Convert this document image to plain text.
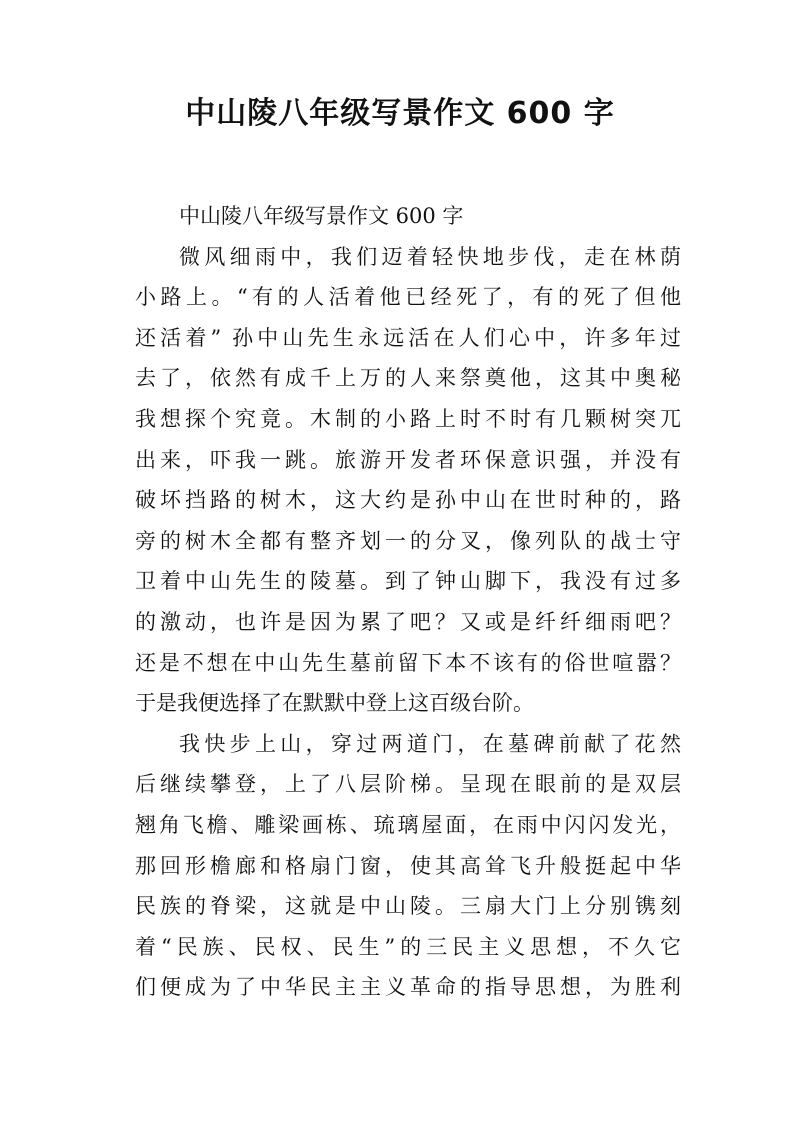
中山陵八年级写景作文 600 字
中山陵八年级写景作文 600 字
微风细雨中，我们迈着轻快地步伐，走在林荫
小路上。“有的人活着他已经死了，有的死了但他
还活着” 孙中山先生永远活在人们心中，许多年过
去了，依然有成千上万的人来祭奠他，这其中奥秘
我想探个究竟。木制的小路上时不时有几颗树突兀
出来，吓我一跳。旅游开发者环保意识强，并没有
破坏挡路的树木，这大约是孙中山在世时种的，路
旁的树木全都有整齐划一的分叉，像列队的战士守
卫着中山先生的陵墓。到了钟山脚下，我没有过多
的激动，也许是因为累了吧？又或是纤纤细雨吧？
还是不想在中山先生墓前留下本不该有的俗世喧嚣？
于是我便选择了在默默中登上这百级台阶。
我快步上山，穿过两道门，在墓碑前献了花然
后继续攀登，上了八层阶梯。呈现在眼前的是双层
翘角飞檐、雕梁画栋、琉璃屋面，在雨中闪闪发光，
那回形檐廊和格扇门窗，使其高耸飞升般挺起中华
民族的脊梁，这就是中山陵。三扇大门上分别镌刻
着“民族、民权、民生”的三民主义思想，不久它
们便成为了中华民主主义革命的指导思想，为胜利
